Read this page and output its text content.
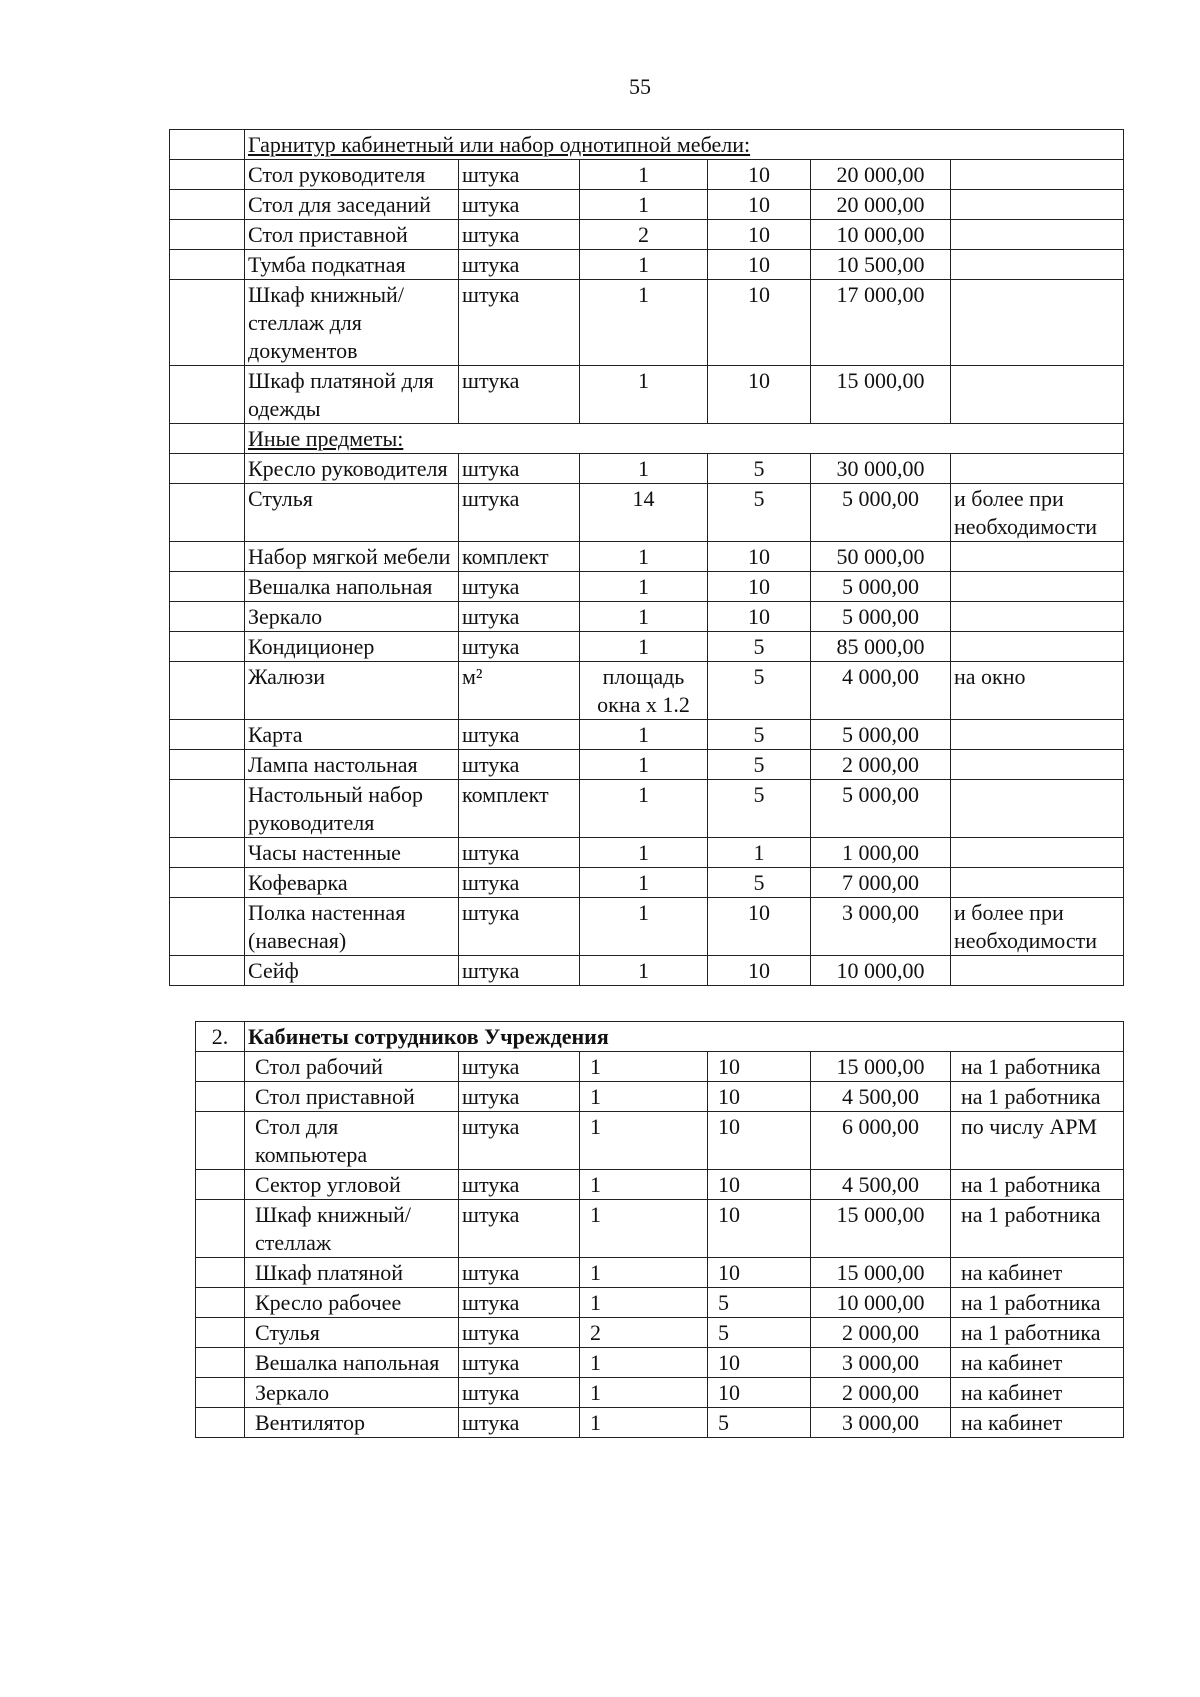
55
	Гарнитур кабинетный или набор однотипной мебели:					
	Стол руководителя	штука	1	10	20 000,00	
	Стол для заседаний	штука	1	10	20 000,00	
	Стол приставной	штука	2	10	10 000,00	
	Тумба подкатная	штука	1	10	10 500,00	
	Шкаф книжный/стеллаж для документов	штука	1	10	17 000,00	
	Шкаф платяной для одежды	штука	1	10	15 000,00	
	Иные предметы:					
	Кресло руководителя	штука	1	5	30 000,00	
	Стулья	штука	14	5	5 000,00	и более при необходимости
	Набор мягкой мебели	комплект	1	10	50 000,00	
	Вешалка напольная	штука	1	10	5 000,00	
	Зеркало	штука	1	10	5 000,00	
	Кондиционер	штука	1	5	85 000,00	
	Жалюзи	м²	площадь окна х 1.2	5	4 000,00	на окно
	Карта	штука	1	5	5 000,00	
	Лампа настольная	штука	1	5	2 000,00	
	Настольный набор руководителя	комплект	1	5	5 000,00	
	Часы настенные	штука	1	1	1 000,00	
	Кофеварка	штука	1	5	7 000,00	
	Полка настенная (навесная)	штука	1	10	3 000,00	и более при необходимости
	Сейф	штука	1	10	10 000,00	
2.	Кабинеты сотрудников Учреждения					
	Стол рабочий	штука	1	10	15 000,00	на 1 работника
	Стол приставной	штука	1	10	4 500,00	на 1 работника
	Стол для компьютера	штука	1	10	6 000,00	по числу АРМ
	Сектор угловой	штука	1	10	4 500,00	на 1 работника
	Шкаф книжный/стеллаж	штука	1	10	15 000,00	на 1 работника
	Шкаф платяной	штука	1	10	15 000,00	на кабинет
	Кресло рабочее	штука	1	5	10 000,00	на 1 работника
	Стулья	штука	2	5	2 000,00	на 1 работника
	Вешалка напольная	штука	1	10	3 000,00	на кабинет
	Зеркало	штука	1	10	2 000,00	на кабинет
	Вентилятор	штука	1	5	3 000,00	на кабинет
